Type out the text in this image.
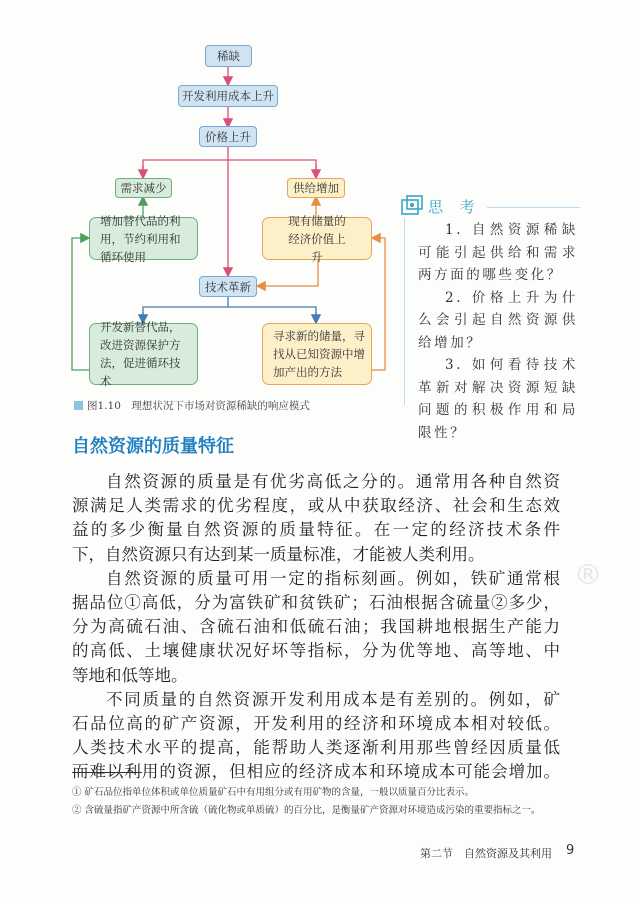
稀缺
开发利用成本上升
价格上升
需求减少	供给增加
增加替代品的利用，节约利用和循环使用
现有储量的经济价值上升
技术革新
开发新替代品，改进资源保护方法，促进循环技术
寻求新的储量，寻找从已知资源中增加产出的方法
图1.10　理想状况下市场对资源稀缺的响应模式
思 考

1. 自然资源稀缺可能引起供给和需求两方面的哪些变化？

2. 价格上升为什么会引起自然资源供给增加？

3. 如何看待技术革新对解决资源短缺问题的积极作用和局限性？

自然资源的质量特征
®
自然资源的质量是有优劣高低之分的。通常用各种自然资
源满足人类需求的优劣程度，或从中获取经济、社会和生态效
益的多少衡量自然资源的质量特征。在一定的经济技术条件
下，自然资源只有达到某一质量标准，才能被人类利用。
自然资源的质量可用一定的指标刻画。例如，铁矿通常根
据品位①高低，分为富铁矿和贫铁矿；石油根据含硫量②多少，
分为高硫石油、含硫石油和低硫石油；我国耕地根据生产能力
的高低、土壤健康状况好坏等指标，分为优等地、高等地、中
等地和低等地。
不同质量的自然资源开发利用成本是有差别的。例如，矿
石品位高的矿产资源，开发利用的经济和环境成本相对较低。
人类技术水平的提高，能帮助人类逐渐利用那些曾经因质量低
而难以利用的资源，但相应的经济成本和环境成本可能会增加。
① 矿石品位指单位体积或单位质量矿石中有用组分或有用矿物的含量，一般以质量百分比表示。
② 含硫量指矿产资源中所含硫（硫化物或单质硫）的百分比，是衡量矿产资源对环境造成污染的重要指标之一。
第二节　自然资源及其利用 9
